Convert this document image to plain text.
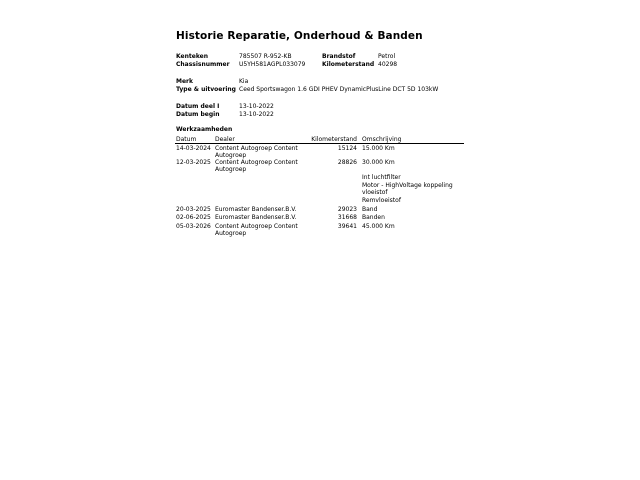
Historie Reparatie, Onderhoud & Banden
Kenteken	785507 R-952-KB	Brandstof	Petrol
Chassisnummer U5YH581AGPL033079	Kilometerstand 40298
Merk	Kia
Type & uitvoering Ceed Sportswagon 1.6 GDI PHEV DynamicPlusLine DCT 5D 103kW
Datum deel I	13-10-2022
Datum begin	13-10-2022
Werkzaamheden
Datum	Dealer	Kilometerstand Omschrijving
14-03-2024 Content Autogroep Content
Autogroep
15124 15.000 Km
12-03-2025 Content Autogroep Content
Autogroep
28826 30.000 Km
Int luchtfilter
Motor - HighVoltage koppeling
vloeistof
Remvloeistof
20-03-2025 Euromaster Bandenser.B.V.	29023 Band
02-06-2025 Euromaster Bandenser.B.V.	31668 Banden
05-03-2026 Content Autogroep Content
Autogroep
39641 45.000 Km
